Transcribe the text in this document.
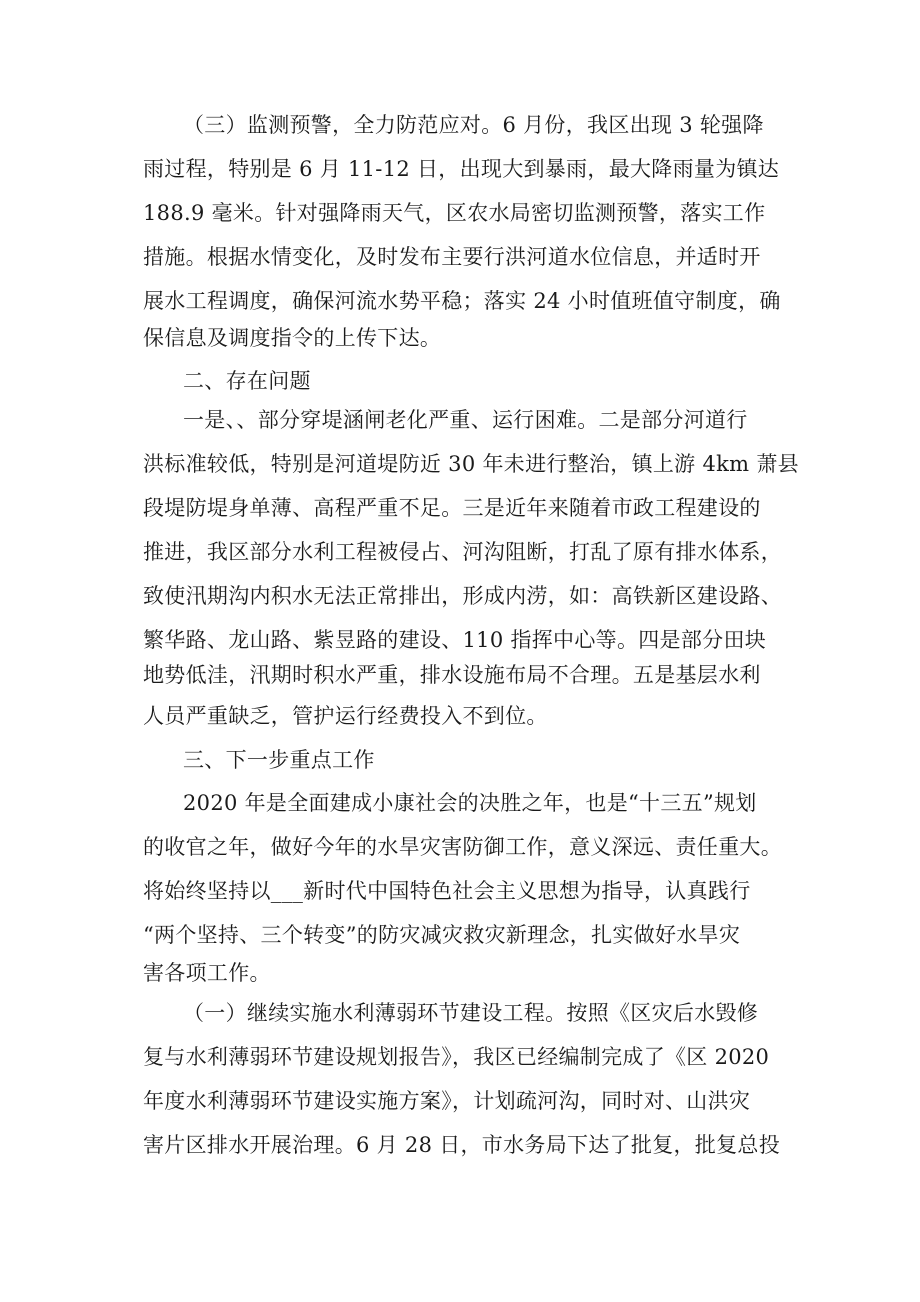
（三）监测预警，全力防范应对。6 月份，我区出现 3 轮强降
雨过程，特别是 6 月 11-12 日，出现大到暴雨，最大降雨量为镇达
188.9 毫米。针对强降雨天气，区农水局密切监测预警，落实工作
措施。根据水情变化，及时发布主要行洪河道水位信息，并适时开
展水工程调度，确保河流水势平稳；落实 24 小时值班值守制度，确
保信息及调度指令的上传下达。
二、存在问题
一是、、部分穿堤涵闸老化严重、运行困难。二是部分河道行
洪标准较低，特别是河道堤防近 30 年未进行整治，镇上游 4km 萧县
段堤防堤身单薄、高程严重不足。三是近年来随着市政工程建设的
推进，我区部分水利工程被侵占、河沟阻断，打乱了原有排水体系，
致使汛期沟内积水无法正常排出，形成内涝，如：高铁新区建设路、
繁华路、龙山路、紫昱路的建设、110 指挥中心等。四是部分田块
地势低洼，汛期时积水严重，排水设施布局不合理。五是基层水利
人员严重缺乏，管护运行经费投入不到位。
三、下一步重点工作
2020 年是全面建成小康社会的决胜之年，也是“十三五”规划
的收官之年，做好今年的水旱灾害防御工作，意义深远、责任重大。
将始终坚持以___新时代中国特色社会主义思想为指导，认真践行
“两个坚持、三个转变”的防灾减灾救灾新理念，扎实做好水旱灾
害各项工作。
（一）继续实施水利薄弱环节建设工程。按照《区灾后水毁修
复与水利薄弱环节建设规划报告》，我区已经编制完成了《区 2020
年度水利薄弱环节建设实施方案》，计划疏河沟，同时对、山洪灾
害片区排水开展治理。6 月 28 日，市水务局下达了批复，批复总投
